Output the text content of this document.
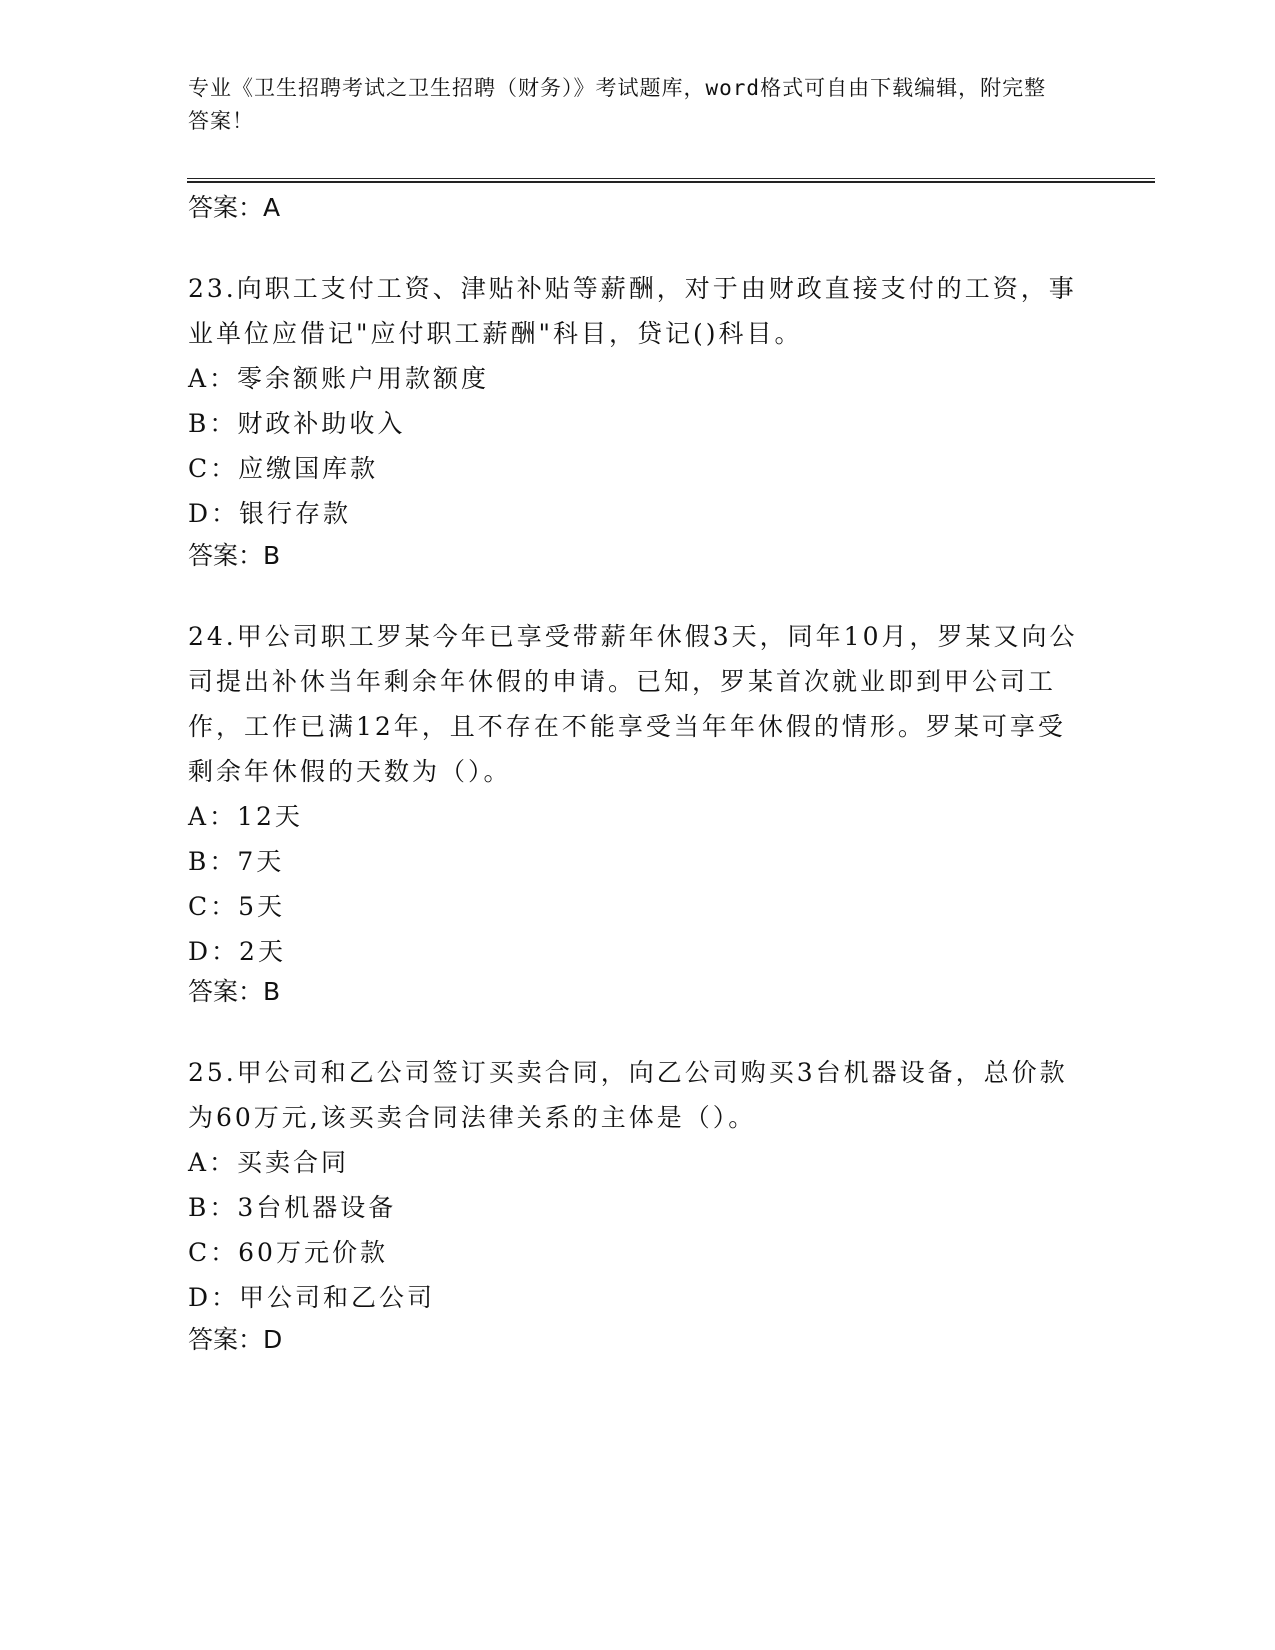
专业《卫生招聘考试之卫生招聘（财务）》考试题库，word格式可自由下载编辑，附完整答案！
答案：A

23.向职工支付工资、津贴补贴等薪酬，对于由财政直接支付的工资，事业单位应借记"应付职工薪酬"科目，贷记()科目。

A：零余额账户用款额度

B：财政补助收入

C：应缴国库款

D：银行存款

答案：B

24.甲公司职工罗某今年已享受带薪年休假3天，同年10月，罗某又向公司提出补休当年剩余年休假的申请。已知，罗某首次就业即到甲公司工作，工作已满12年，且不存在不能享受当年年休假的情形。罗某可享受剩余年休假的天数为（）。

A：12天

B：7天

C：5天

D：2天

答案：B

25.甲公司和乙公司签订买卖合同，向乙公司购买3台机器设备，总价款为60万元,该买卖合同法律关系的主体是（）。

A：买卖合同

B：3台机器设备

C：60万元价款

D：甲公司和乙公司

答案：D
